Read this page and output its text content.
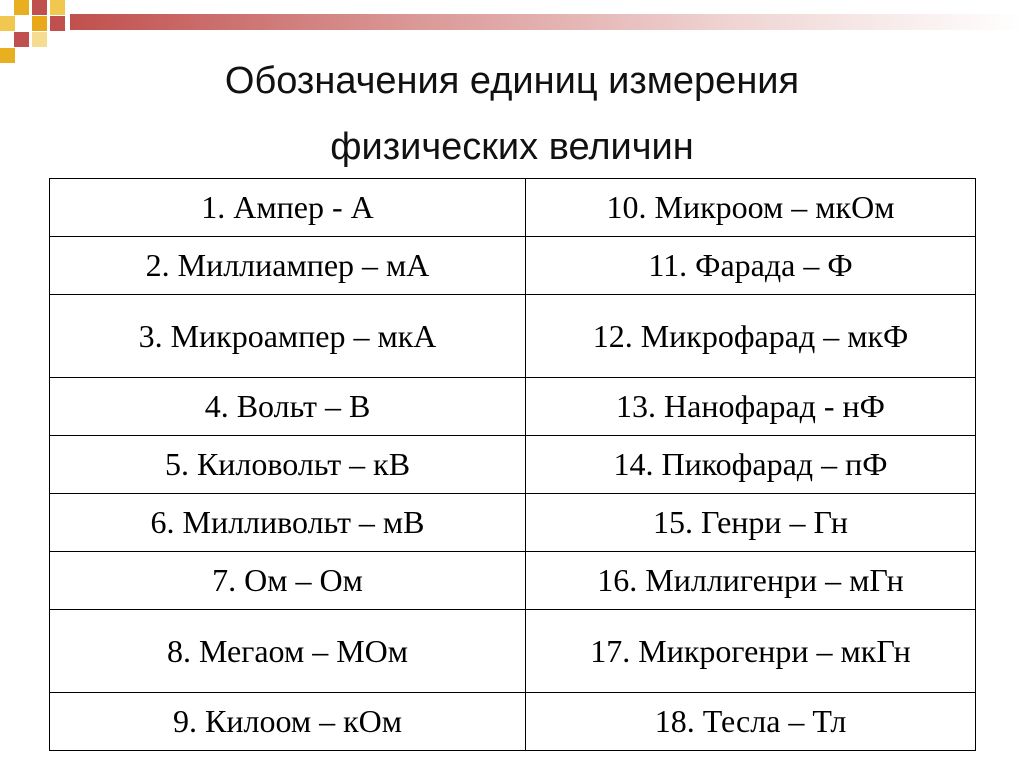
Обозначения единиц измерения
физических величин
1. Ампер - А	10. Микроом – мкОм
2. Миллиампер – мА	11. Фарада – Ф
3. Микроампер – мкА	12. Микрофарад – мкФ
4. Вольт – В	13. Нанофарад - нФ
5. Киловольт – кВ	14. Пикофарад – пФ
6. Милливольт – мВ	15. Генри – Гн
7. Ом – Ом	16. Миллигенри – мГн
8. Мегаом – МОм	17. Микрогенри – мкГн
9. Килоом – кОм	18. Тесла – Тл
